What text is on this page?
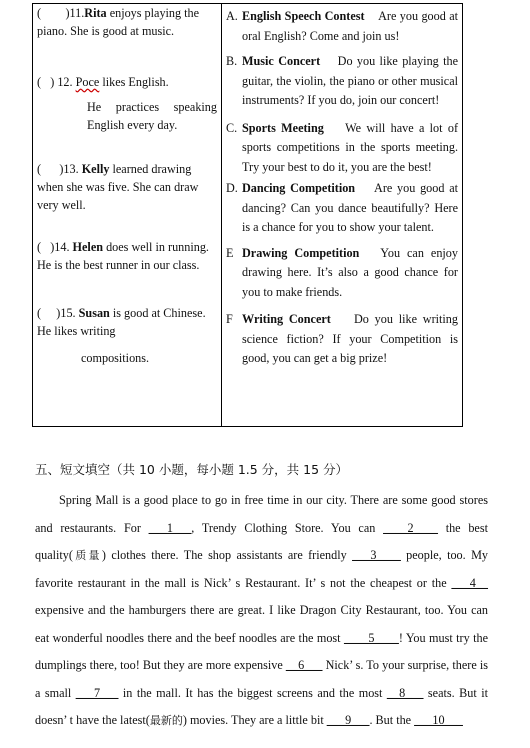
( )11.Rita enjoys playing the piano. She is good at music.
( ) 12. Poce likes English.
He practices speaking English every day.
( )13. Kelly learned drawing when she was five. She can draw very well.
( )14. Helen does well in running. He is the best runner in our class.
( )15. Susan is good at Chinese. He likes writing
compositions.

A. English Speech Contest Are you good at oral English? Come and join us!
B. Music Concert Do you like playing the guitar, the violin, the piano or other musical instruments? If you do, join our concert!
C. Sports Meeting We will have a lot of sports competitions in the sports meeting. Try your best to do it, you are the best!
D. Dancing Competition Are you good at dancing? Can you dance beautifully? Here is a chance for you to show your talent.
E Drawing Competition You can enjoy drawing here. It’s also a good chance for you to make friends.
F Writing Concert Do you like writing science fiction? If your Competition is good, you can get a big prize!
五、短文填空（共 10 小题，每小题 1.5 分，共 15 分）

Spring Mall is a good place to go in free time in our city. There are some good stores and restaurants. For ___1___, Trendy Clothing Store. You can ____2____ the best quality(质量) clothes there. The shop assistants are friendly ___3____ people, too. My favorite restaurant in the mall is Nick’ s Restaurant. It’ s not the cheapest or the ___4__ expensive and the hamburgers there are great. I like Dragon City Restaurant, too. You can eat wonderful noodles there and the beef noodles are the most ____5____! You must try the dumplings there, too! But they are more expensive __6___ Nick’ s. To your surprise, there is a small ___7___ in the mall. It has the biggest screens and the most __8___ seats. But it doesn’ t have the latest(最新的) movies. They are a little bit ___9___. But the ___10___
